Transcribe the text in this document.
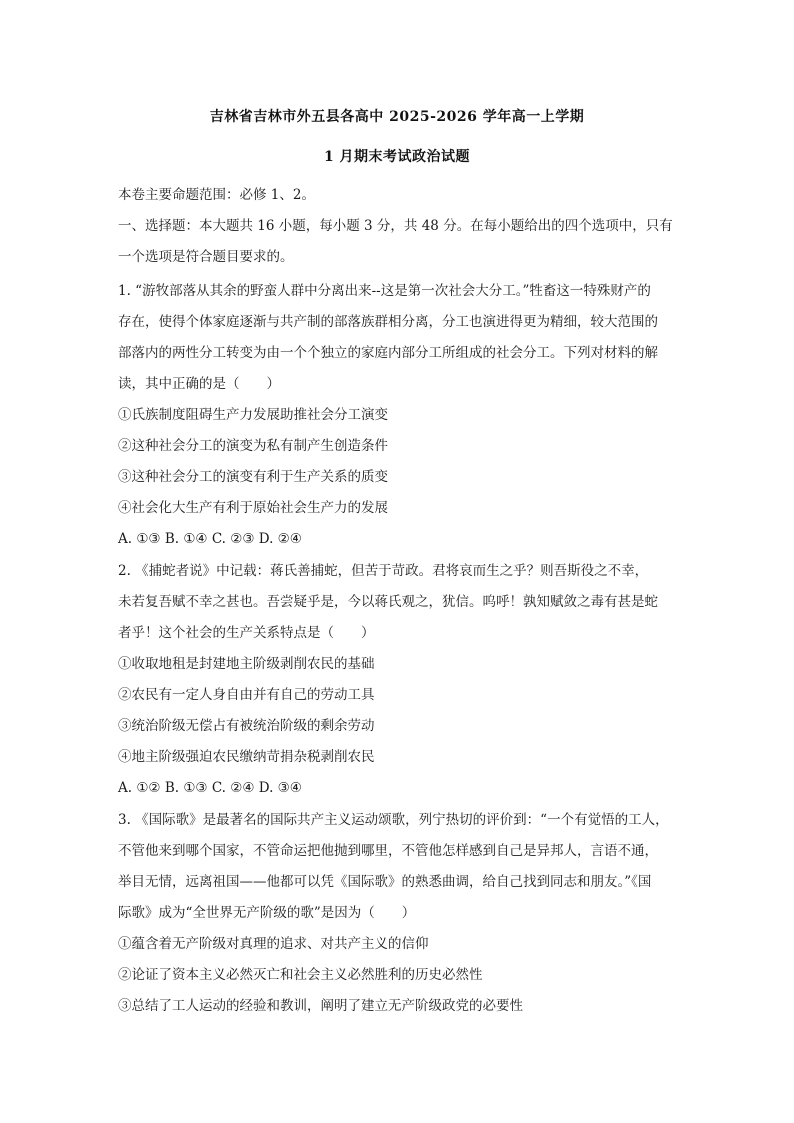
吉林省吉林市外五县各高中 2025-2026 学年高一上学期
1 月期末考试政治试题
本卷主要命题范围：必修 1、2。
一、选择题：本大题共 16 小题，每小题 3 分，共 48 分。在每小题给出的四个选项中，只有
一个选项是符合题目要求的。
1. “游牧部落从其余的野蛮人群中分离出来--这是第一次社会大分工。”牲畜这一特殊财产的
存在，使得个体家庭逐渐与共产制的部落族群相分离，分工也演进得更为精细，较大范围的
部落内的两性分工转变为由一个个独立的家庭内部分工所组成的社会分工。下列对材料的解
读，其中正确的是（　　）
①氏族制度阻碍生产力发展助推社会分工演变
②这种社会分工的演变为私有制产生创造条件
③这种社会分工的演变有利于生产关系的质变
④社会化大生产有利于原始社会生产力的发展
A. ①③ B. ①④ C. ②③ D. ②④
2. 《捕蛇者说》中记载：蒋氏善捕蛇，但苦于苛政。君将哀而生之乎？则吾斯役之不幸，
未若复吾赋不幸之甚也。吾尝疑乎是，今以蒋氏观之，犹信。呜呼！孰知赋敛之毒有甚是蛇
者乎！这个社会的生产关系特点是（　　）
①收取地租是封建地主阶级剥削农民的基础
②农民有一定人身自由并有自己的劳动工具
③统治阶级无偿占有被统治阶级的剩余劳动
④地主阶级强迫农民缴纳苛捐杂税剥削农民
A. ①② B. ①③ C. ②④ D. ③④
3. 《国际歌》是最著名的国际共产主义运动颂歌，列宁热切的评价到：“一个有觉悟的工人，
不管他来到哪个国家，不管命运把他抛到哪里，不管他怎样感到自己是异邦人，言语不通，
举目无情，远离祖国——他都可以凭《国际歌》的熟悉曲调，给自己找到同志和朋友。”《国
际歌》成为“全世界无产阶级的歌”是因为（　　）
①蕴含着无产阶级对真理的追求、对共产主义的信仰
②论证了资本主义必然灭亡和社会主义必然胜利的历史必然性
③总结了工人运动的经验和教训，阐明了建立无产阶级政党的必要性
